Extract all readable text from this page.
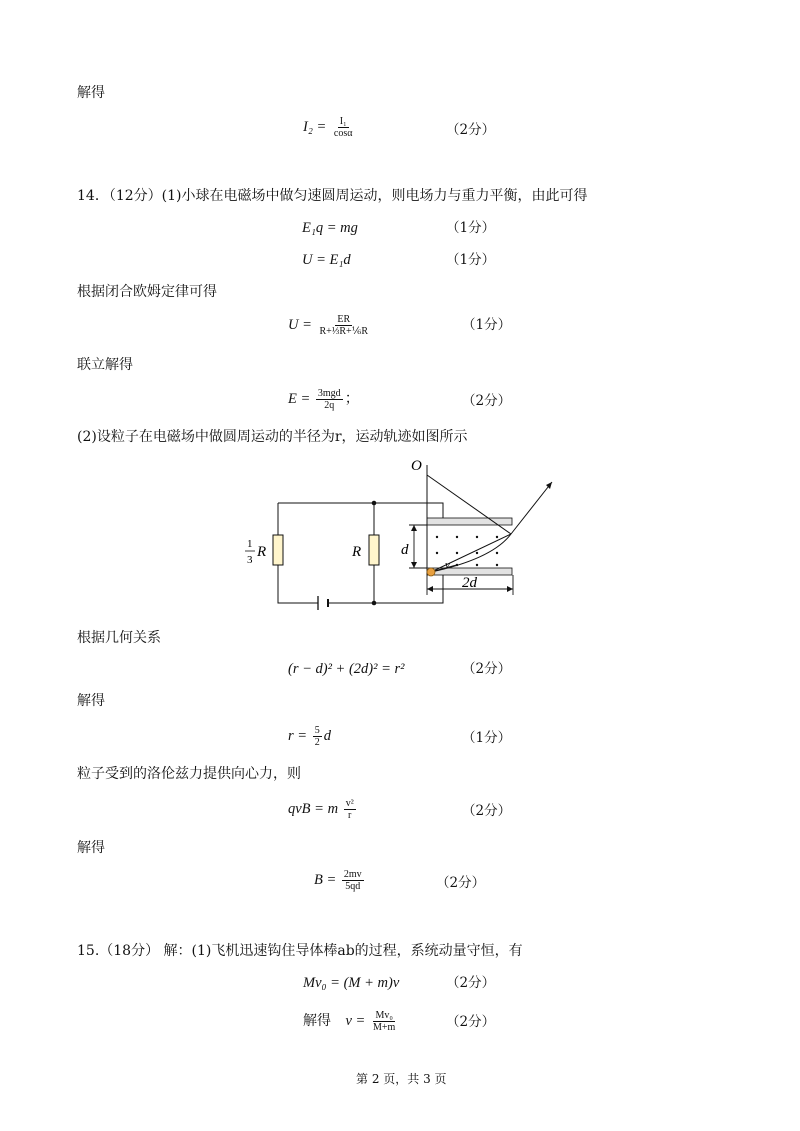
解得
$I_2 = \frac{\text{I₁}}{\cos\alpha}$	（2分）
14．（12分）(1)小球在电磁场中做匀速圆周运动，则电场力与重力平衡，由此可得
E₁q = mg	（1分）
U = E₁d	（1分）
根据闭合欧姆定律可得
$U = \frac{ER}{\text{R+⅓R+⅙R}}$	（1分）
联立解得
$E = \frac{\text{3mgd}}{2q}$ ；	（2分）
(2)设粒子在电磁场中做圆周运动的半径为r，运动轨迹如图所示
O
1
3 R	R	d
v
2d
根据几何关系
(r − d)² + (2d)² = r²	（2分）
解得
$r = \frac{5}{2}$ d	（1分）
粒子受到的洛伦兹力提供向心力，则
qvB = m $\frac{\text{v²}}{r}$	（2分）
解得
$B = \frac{2mv}{5qd}$	（2分）
15.（18分） 解：(1)飞机迅速钩住导体棒ab的过程，系统动量守恒，有
Mv₀ = (M + m)v	（2分）
解得 $v = \frac{\text{Mv₀}}{M+m}$	（2分）
第 2 页，共 3 页
